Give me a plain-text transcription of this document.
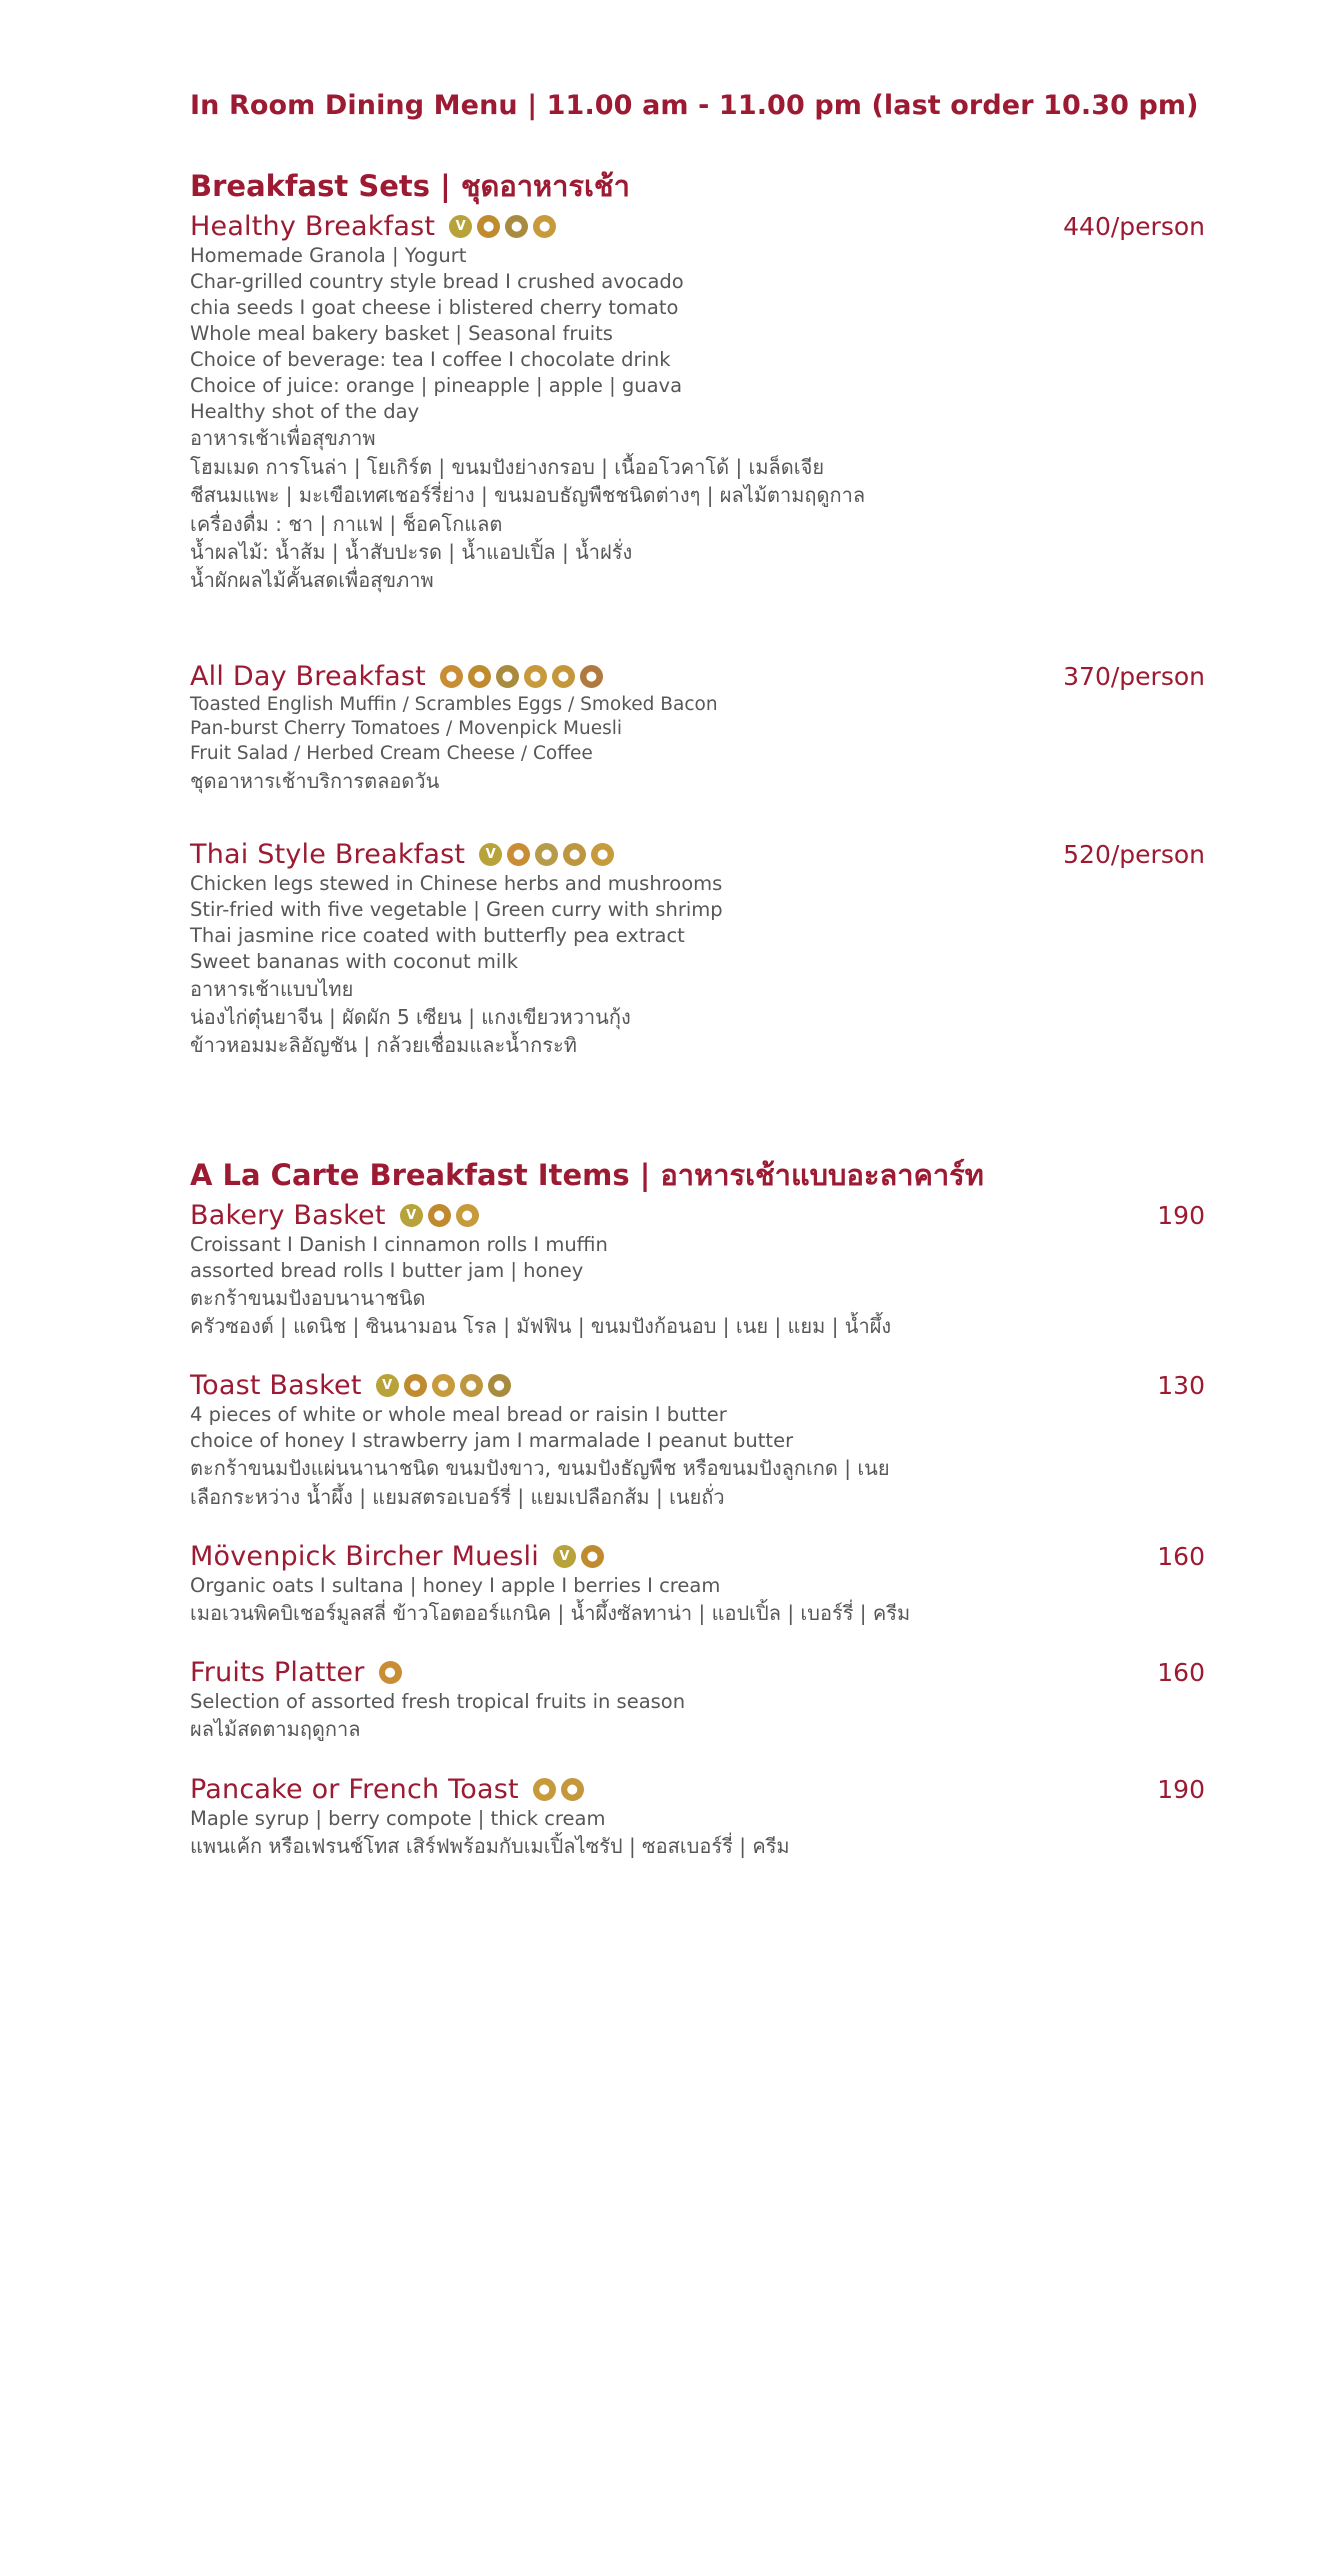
In Room Dining Menu | 11.00 am - 11.00 pm (last order 10.30 pm)
Breakfast Sets | ชุดอาหารเช้า
Healthy Breakfast	V	●	●	●	440/person
Homemade Granola | Yogurt
Char-grilled country style bread I crushed avocado
chia seeds I goat cheese i blistered cherry tomato
Whole meal bakery basket | Seasonal fruits
Choice of beverage: tea I coffee I chocolate drink
Choice of juice: orange | pineapple | apple | guava
Healthy shot of the day
อาหารเช้าเพื่อสุขภาพ
โฮมเมด การโนล่า | โยเกิร์ต | ขนมปังย่างกรอบ | เนื้ออโวคาโด้ | เมล็ดเจีย
ชีสนมแพะ | มะเขือเทศเชอร์รี่ย่าง | ขนมอบธัญพืชชนิดต่างๆ | ผลไม้ตามฤดูกาล
เครื่องดื่ม : ชา | กาแฟ | ช็อคโกแลต
น้ำผลไม้: น้ำส้ม | น้ำสับปะรด | น้ำแอปเปิ้ล | น้ำฝรั่ง
น้ำผักผลไม้คั้นสดเพื่อสุขภาพ
All Day Breakfast	●	●	●	●	●	●	370/person
Toasted English Muffin / Scrambles Eggs / Smoked Bacon
Pan-burst Cherry Tomatoes / Movenpick Muesli
Fruit Salad / Herbed Cream Cheese / Coffee
ชุดอาหารเช้าบริการตลอดวัน
Thai Style Breakfast	V	●	●	●	●	520/person
Chicken legs stewed in Chinese herbs and mushrooms
Stir-fried with five vegetable | Green curry with shrimp
Thai jasmine rice coated with butterfly pea extract
Sweet bananas with coconut milk
อาหารเช้าแบบไทย
น่องไก่ตุ๋นยาจีน | ผัดผัก 5 เซียน | แกงเขียวหวานกุ้ง
ข้าวหอมมะลิอัญชัน | กล้วยเชื่อมและน้ำกระทิ
A La Carte Breakfast Items | อาหารเช้าแบบอะลาคาร์ท
Bakery Basket	V	●	●	190
Croissant I Danish I cinnamon rolls I muffin
assorted bread rolls I butter jam | honey
ตะกร้าขนมปังอบนานาชนิด
ครัวซองต์ | แดนิช | ซินนามอน โรล | มัฟฟิน | ขนมปังก้อนอบ | เนย | แยม | น้ำผึ้ง
Toast Basket	V	●	●	●	●	130
4 pieces of white or whole meal bread or raisin I butter
choice of honey I strawberry jam I marmalade I peanut butter
ตะกร้าขนมปังแผ่นนานาชนิด ขนมปังขาว, ขนมปังธัญพืช หรือขนมปังลูกเกด | เนย
เลือกระหว่าง น้ำผึ้ง | แยมสตรอเบอร์รี่ | แยมเปลือกส้ม | เนยถั่ว
Mövenpick Bircher Muesli	V	●	160
Organic oats I sultana | honey I apple I berries I cream
เมอเวนพิคบิเชอร์มูลสลี่ ข้าวโอตออร์แกนิค | น้ำผึ้งซัลทาน่า | แอปเปิ้ล | เบอร์รี่ | ครีม
Fruits Platter	●	160
Selection of assorted fresh tropical fruits in season
ผลไม้สดตามฤดูกาล
Pancake or French Toast	●	●	190
Maple syrup | berry compote | thick cream
แพนเค้ก หรือเฟรนช์โทส เสิร์ฟพร้อมกับเมเปิ้ลไซรัป | ซอสเบอร์รี่ | ครีม
